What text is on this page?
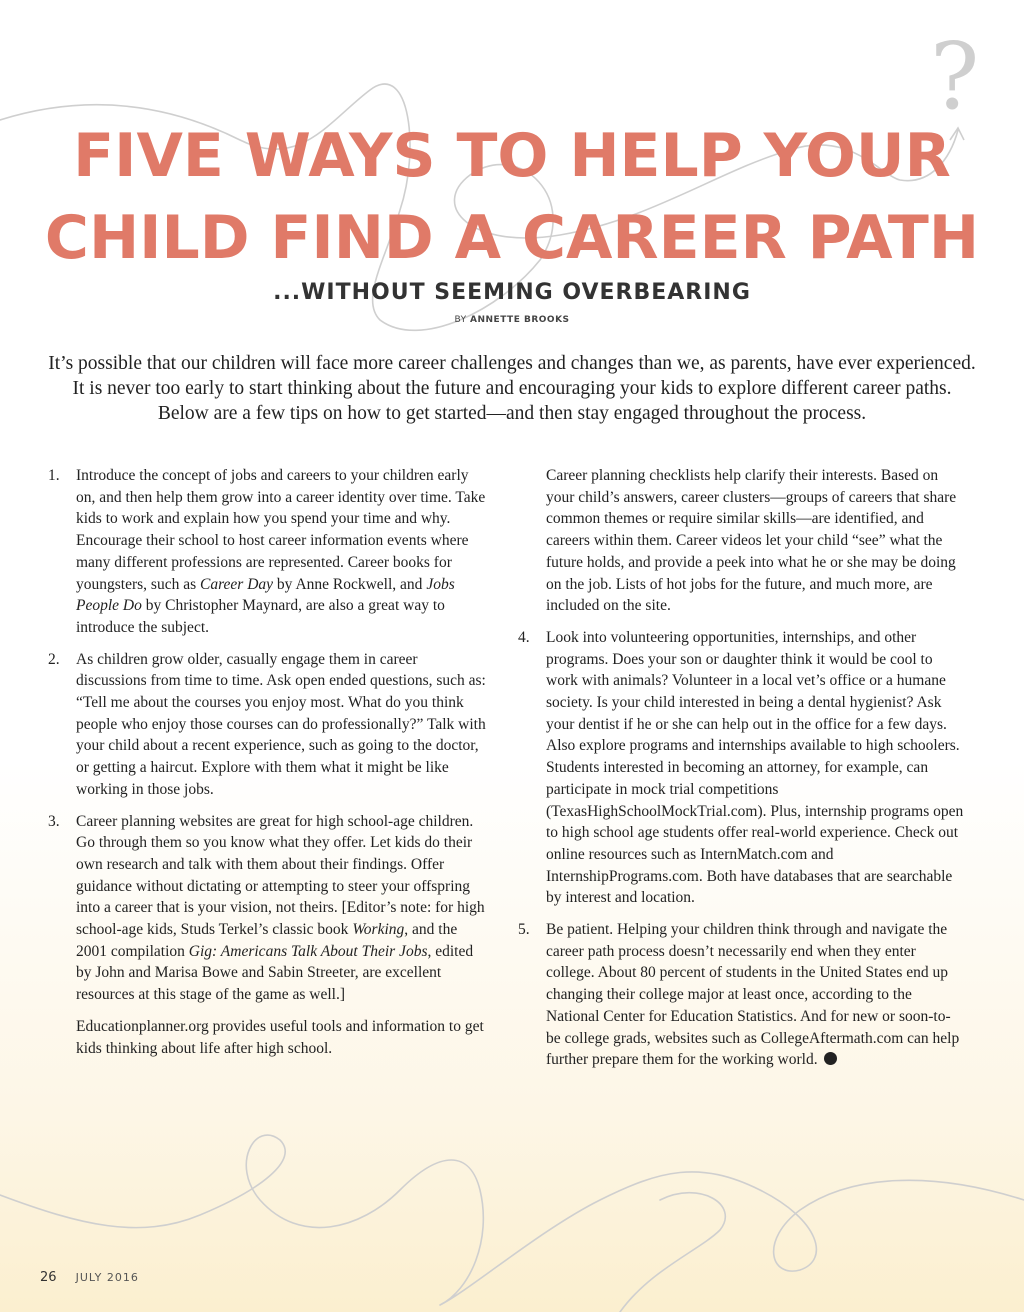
?
FIVE WAYS TO HELP YOUR
CHILD FIND A CAREER PATH
...WITHOUT SEEMING OVERBEARING
BY ANNETTE BROOKS

It’s possible that our children will face more career challenges and changes than we, as parents, have ever experienced. It is never too early to start thinking about the future and encouraging your kids to explore different career paths. Below are a few tips on how to get started—and then stay engaged throughout the process.

1. Introduce the concept of jobs and careers to your children early on, and then help them grow into a career identity over time. Take kids to work and explain how you spend your time and why. Encourage their school to host career information events where many different professions are represented. Career books for youngsters, such as Career Day by Anne Rockwell, and Jobs People Do by Christopher Maynard, are also a great way to introduce the subject.
2. As children grow older, casually engage them in career discussions from time to time. Ask open ended questions, such as: “Tell me about the courses you enjoy most. What do you think people who enjoy those courses can do professionally?” Talk with your child about a recent experience, such as going to the doctor, or getting a haircut. Explore with them what it might be like working in those jobs.
3. Career planning websites are great for high school-age children. Go through them so you know what they offer. Let kids do their own research and talk with them about their findings. Offer guidance without dictating or attempting to steer your offspring into a career that is your vision, not theirs. [Editor’s note: for high school-age kids, Studs Terkel’s classic book Working, and the 2001 compilation Gig: Americans Talk About Their Jobs, edited by John and Marisa Bowe and Sabin Streeter, are excellent resources at this stage of the game as well.]
Educationplanner.org provides useful tools and information to get kids thinking about life after high school.
Career planning checklists help clarify their interests. Based on your child’s answers, career clusters—groups of careers that share common themes or require similar skills—are identified, and careers within them. Career videos let your child “see” what the future holds, and provide a peek into what he or she may be doing on the job. Lists of hot jobs for the future, and much more, are included on the site.
4. Look into volunteering opportunities, internships, and other programs. Does your son or daughter think it would be cool to work with animals? Volunteer in a local vet’s office or a humane society. Is your child interested in being a dental hygienist? Ask your dentist if he or she can help out in the office for a few days. Also explore programs and internships available to high schoolers. Students interested in becoming an attorney, for example, can participate in mock trial competitions (TexasHighSchoolMockTrial.com). Plus, internship programs open to high school age students offer real-world experience. Check out online resources such as InternMatch.com and InternshipPrograms.com. Both have databases that are searchable by interest and location.
5. Be patient. Helping your children think through and navigate the career path process doesn’t necessarily end when they enter college. About 80 percent of students in the United States end up changing their college major at least once, according to the National Center for Education Statistics. And for new or soon-to-be college grads, websites such as CollegeAftermath.com can help further prepare them for the working world.
26 JULY 2016
